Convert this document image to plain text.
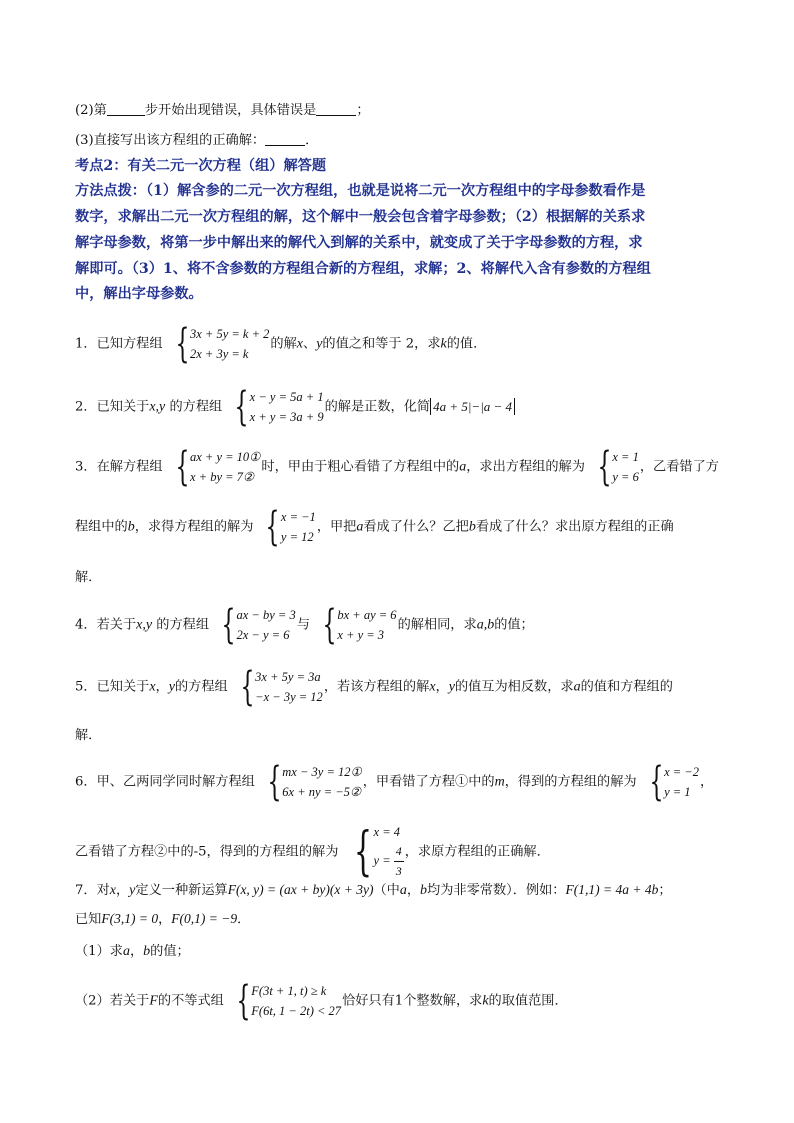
(2)第	步开始出现错误，具体错误是	；
(3)直接写出该方程组的正确解：	．
考点2：有关二元一次方程（组）解答题
方法点拨：（1）解含参的二元一次方程组，也就是说将二元一次方程组中的字母参数看作是
数字，求解出二元一次方程组的解，这个解中一般会包含着字母参数；（2）根据解的关系求
解字母参数，将第一步中解出来的解代入到解的关系中，就变成了关于字母参数的方程，求
解即可。（3）1、将不含参数的方程组合新的方程组，求解；2、将解代入含有参数的方程组
中，解出字母参数。
1．已知方程组 { 3x + 5y = k + 2
2x + 3y = k
的解x、y的值之和等于 2，求k的值．
2．已知关于x,y 的方程组 { x − y = 5a + 1
x + y = 3a + 9
的解是正数，化简 4a + 5|−|a − 4
3．在解方程组 { ax + y = 10①
x + by = 7②
时，甲由于粗心看错了方程组中的a，求出方程组的解为 { x = 1
y = 6
，乙看错了方
程组中的b，求得方程组的解为 { x = −1
y = 12
，甲把a看成了什么？乙把b看成了什么？求出原方程组的正确
解．
4．若关于x,y 的方程组 { ax − by = 3
2x − y = 6
与 { bx + ay = 6
x + y = 3
的解相同，求a,b的值；
5．已知关于x，y的方程组 { 3x + 5y = 3a
−x − 3y = 12
，若该方程组的解x，y的值互为相反数，求a的值和方程组的
解．
6．甲、乙两同学同时解方程组 { mx − 3y = 12①
6x + ny = −5②
，甲看错了方程①中的m，得到的方程组的解为 { x = −2
y = 1
，
乙看错了方程②中的-5，得到的方程组的解为 { x = 4
$y = \frac{4}{3}$ ，求原方程组的正确解．
7．对x，y定义一种新运算F(x, y) = (ax + by)(x + 3y)（中a，b均为非零常数）．例如：F(1,1) = 4a + 4b；
已知F(3,1) = 0，F(0,1) = −9．
（1）求a，b的值；
（2）若关于F的不等式组 { F(3t + 1, t) ≥ k
F(6t, 1 − 2t) < 27
恰好只有1个整数解，求k的取值范围．
